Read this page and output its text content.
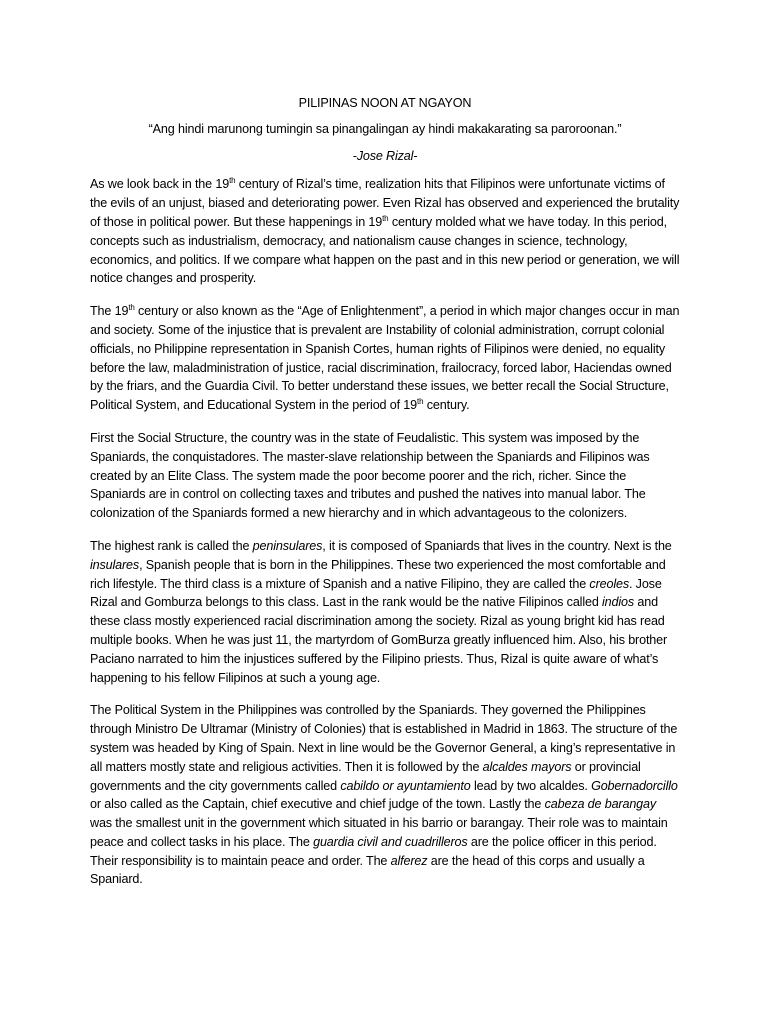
PILIPINAS NOON AT NGAYON
“Ang hindi marunong tumingin sa pinangalingan ay hindi makakarating sa paroroonan.”
-Jose Rizal-

As we look back in the 19th century of Rizal’s time, realization hits that Filipinos were unfortunate victims of the evils of an unjust, biased and deteriorating power. Even Rizal has observed and experienced the brutality of those in political power. But these happenings in 19th century molded what we have today. In this period, concepts such as industrialism, democracy, and nationalism cause changes in science, technology, economics, and politics. If we compare what happen on the past and in this new period or generation, we will notice changes and prosperity.

The 19th century or also known as the “Age of Enlightenment”, a period in which major changes occur in man and society. Some of the injustice that is prevalent are Instability of colonial administration, corrupt colonial officials, no Philippine representation in Spanish Cortes, human rights of Filipinos were denied, no equality before the law, maladministration of justice, racial discrimination, frailocracy, forced labor, Haciendas owned by the friars, and the Guardia Civil. To better understand these issues, we better recall the Social Structure, Political System, and Educational System in the period of 19th century.

First the Social Structure, the country was in the state of Feudalistic. This system was imposed by the Spaniards, the conquistadores. The master-slave relationship between the Spaniards and Filipinos was created by an Elite Class. The system made the poor become poorer and the rich, richer. Since the Spaniards are in control on collecting taxes and tributes and pushed the natives into manual labor. The colonization of the Spaniards formed a new hierarchy and in which advantageous to the colonizers.

The highest rank is called the peninsulares, it is composed of Spaniards that lives in the country. Next is the insulares, Spanish people that is born in the Philippines. These two experienced the most comfortable and rich lifestyle. The third class is a mixture of Spanish and a native Filipino, they are called the creoles. Jose Rizal and Gomburza belongs to this class. Last in the rank would be the native Filipinos called indios and these class mostly experienced racial discrimination among the society. Rizal as young bright kid has read multiple books. When he was just 11, the martyrdom of GomBurza greatly influenced him. Also, his brother Paciano narrated to him the injustices suffered by the Filipino priests. Thus, Rizal is quite aware of what’s happening to his fellow Filipinos at such a young age.

The Political System in the Philippines was controlled by the Spaniards. They governed the Philippines through Ministro De Ultramar (Ministry of Colonies) that is established in Madrid in 1863. The structure of the system was headed by King of Spain. Next in line would be the Governor General, a king’s representative in all matters mostly state and religious activities. Then it is followed by the alcaldes mayors or provincial governments and the city governments called cabildo or ayuntamiento lead by two alcaldes. Gobernadorcillo or also called as the Captain, chief executive and chief judge of the town. Lastly the cabeza de barangay was the smallest unit in the government which situated in his barrio or barangay. Their role was to maintain peace and collect tasks in his place. The guardia civil and cuadrilleros are the police officer in this period. Their responsibility is to maintain peace and order. The alferez are the head of this corps and usually a Spaniard.
